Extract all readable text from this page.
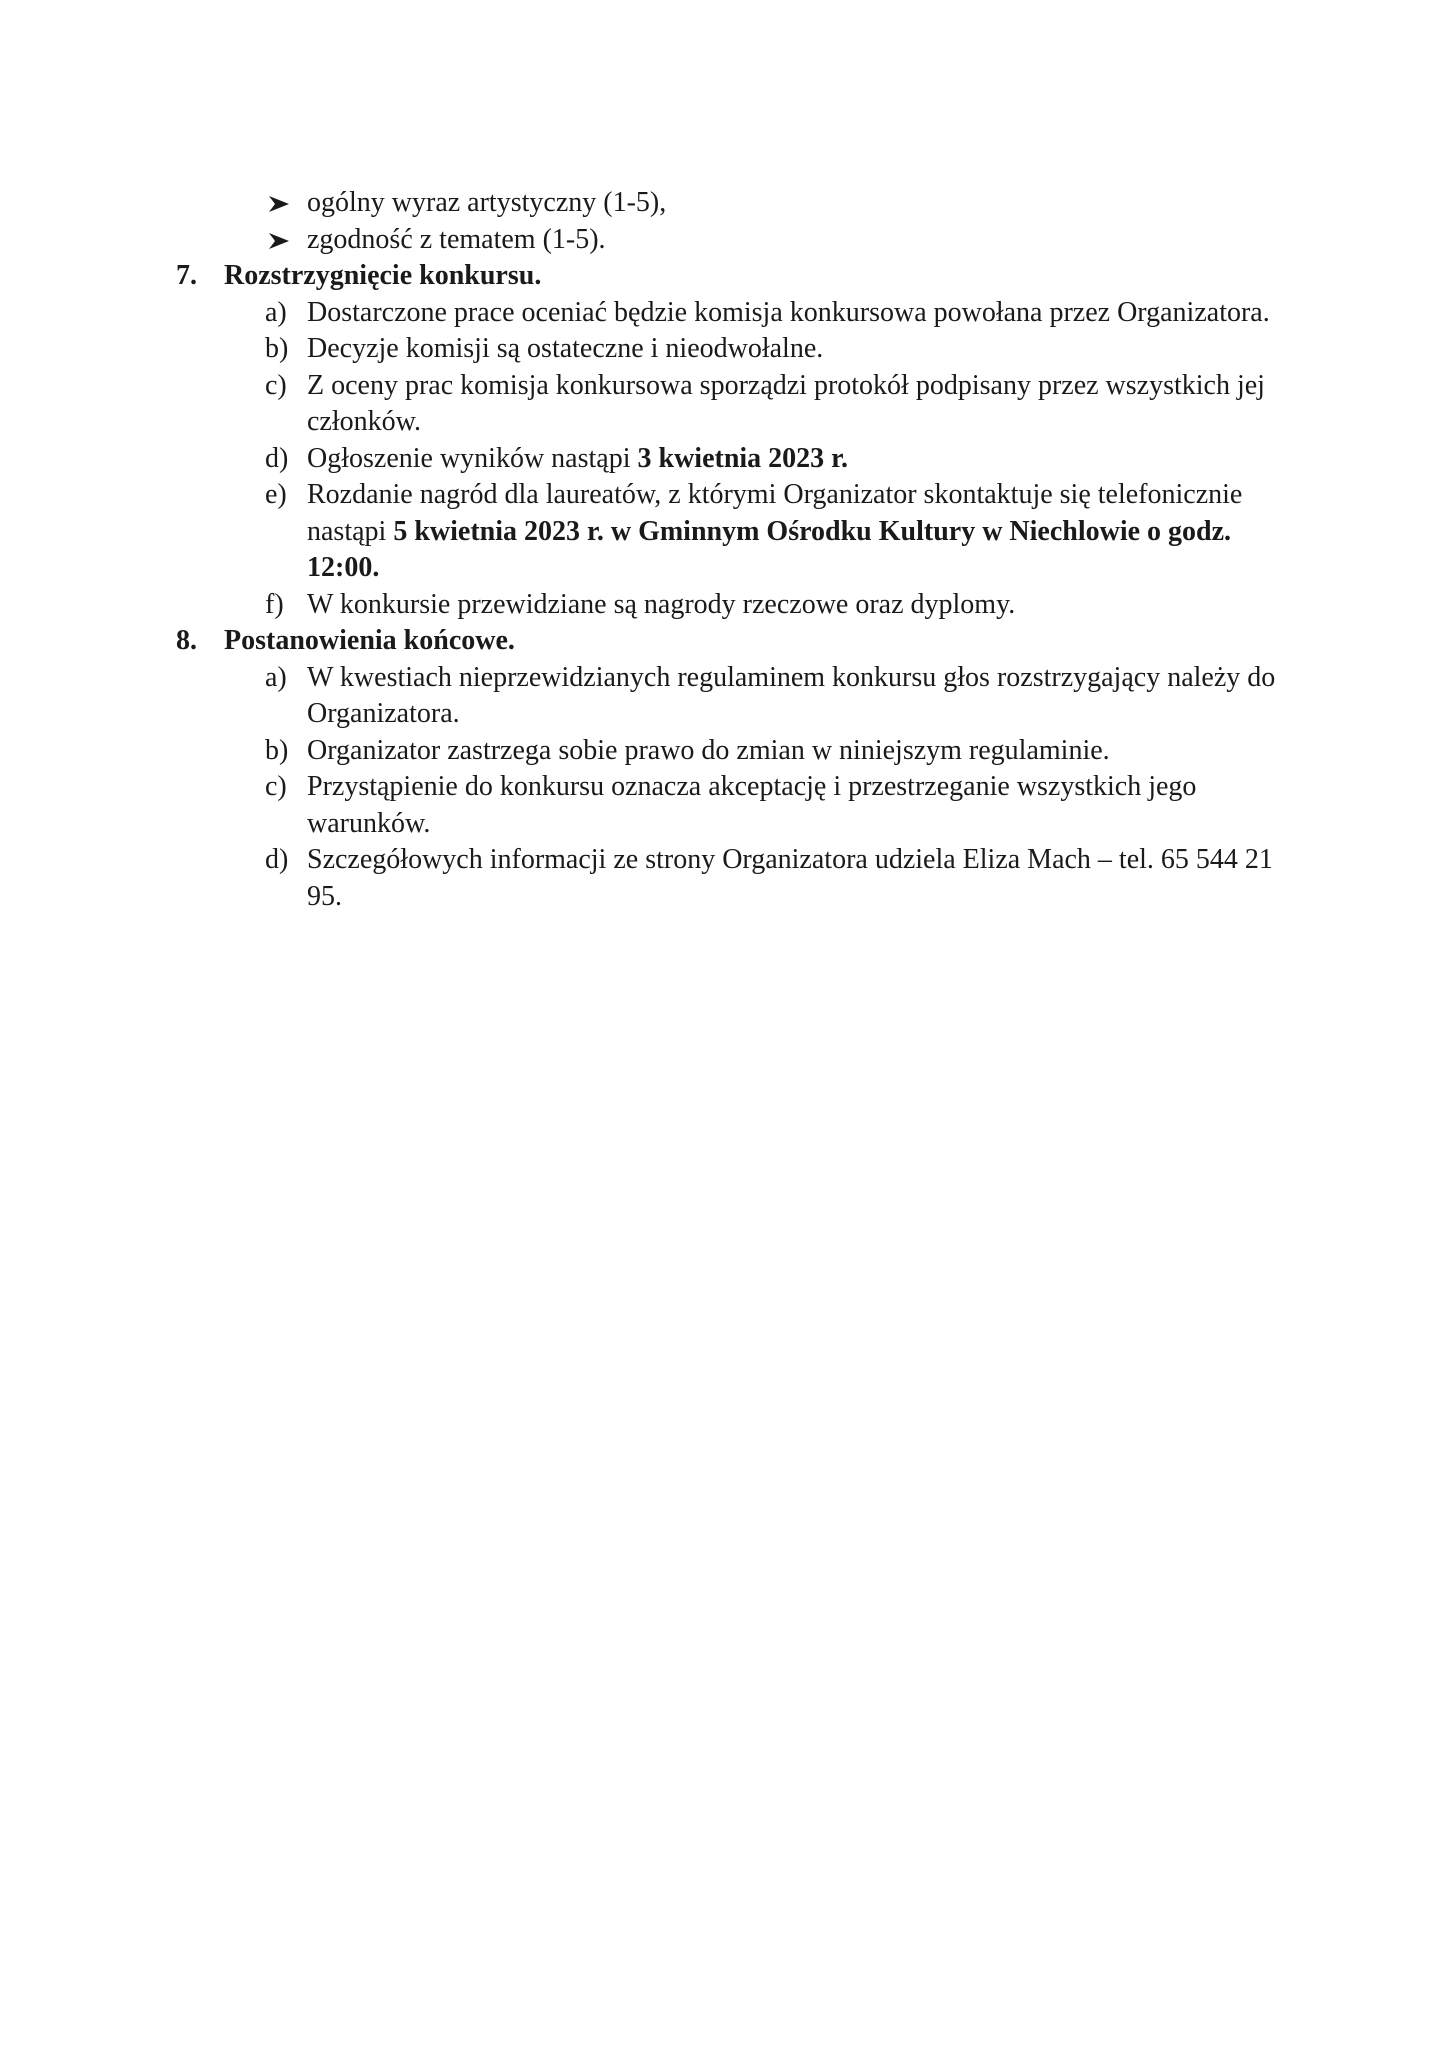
ogólny wyraz artystyczny (1-5),
zgodność z tematem (1-5).
7. Rozstrzygnięcie konkursu.
a) Dostarczone prace oceniać będzie komisja konkursowa powołana przez Organizatora.
b) Decyzje komisji są ostateczne i nieodwołalne.
c) Z oceny prac komisja konkursowa sporządzi protokół podpisany przez wszystkich jej członków.
d) Ogłoszenie wyników nastąpi 3 kwietnia 2023 r.
e) Rozdanie nagród dla laureatów, z którymi Organizator skontaktuje się telefonicznie nastąpi 5 kwietnia 2023 r. w Gminnym Ośrodku Kultury w Niechlowie o godz. 12:00.
f) W konkursie przewidziane są nagrody rzeczowe oraz dyplomy.
8. Postanowienia końcowe.
a) W kwestiach nieprzewidzianych regulaminem konkursu głos rozstrzygający należy do Organizatora.
b) Organizator zastrzega sobie prawo do zmian w niniejszym regulaminie.
c) Przystąpienie do konkursu oznacza akceptację i przestrzeganie wszystkich jego warunków.
d) Szczegółowych informacji ze strony Organizatora udziela Eliza Mach – tel. 65 544 21 95.
